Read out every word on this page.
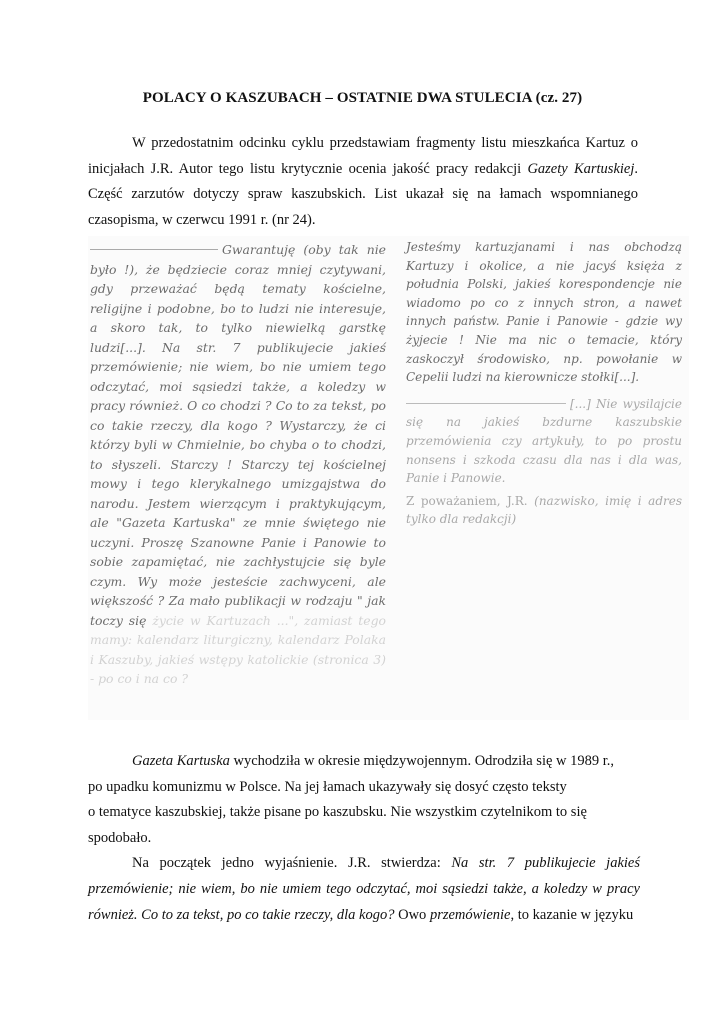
POLACY O KASZUBACH – OSTATNIE DWA STULECIA (cz. 27)

W przedostatnim odcinku cyklu przedstawiam fragmenty listu mieszkańca Kartuz o inicjałach J.R. Autor tego listu krytycznie ocenia jakość pracy redakcji Gazety Kartuskiej. Część zarzutów dotyczy spraw kaszubskich. List ukazał się na łamach wspomnianego czasopisma, w czerwcu 1991 r. (nr 24).

Gwarantuję (oby tak nie było !), że będziecie coraz mniej czytywani, gdy przeważać będą tematy kościelne, religijne i podobne, bo to ludzi nie interesuje, a skoro tak, to tylko niewielką garstkę ludzi[...]. Na str. 7 publikujecie jakieś przemówienie; nie wiem, bo nie umiem tego odczytać, moi sąsiedzi także, a koledzy w pracy również. O co chodzi ? Co to za tekst, po co takie rzeczy, dla kogo ? Wystarczy, że ci którzy byli w Chmielnie, bo chyba o to chodzi, to słyszeli. Starczy ! Starczy tej kościelnej mowy i tego klerykalnego umizgajstwa do narodu. Jestem wierzącym i praktykującym, ale "Gazeta Kartuska" ze mnie świętego nie uczyni. Proszę Szanowne Panie i Panowie to sobie zapamiętać, nie zachłystujcie się byle czym. Wy może jesteście zachwyceni, ale większość ? Za mało publikacji w rodzaju " jak toczy się życie w Kartuzach ...", zamiast tego mamy: kalendarz liturgiczny, kalendarz Polaka i Kaszuby, jakieś wstępy katolickie (stronica 3) - po co i na co ?

Jesteśmy kartuzjanami i nas obchodzą Kartuzy i okolice, a nie jacyś księża z południa Polski, jakieś korespondencje nie wiadomo po co z innych stron, a nawet innych państw. Panie i Panowie - gdzie wy żyjecie ! Nie ma nic o temacie, który zaskoczył środowisko, np. powołanie w Cepelii ludzi na kierownicze stołki[...].

[...] Nie wysilajcie się na jakieś bzdurne kaszubskie przemówienia czy artykuły, to po prostu nonsens i szkoda czasu dla nas i dla was, Panie i Panowie.

Z poważaniem, J.R. (nazwisko, imię i adres tylko dla redakcji)

Gazeta Kartuska wychodziła w okresie międzywojennym. Odrodziła się w 1989 r.,

po upadku komunizmu w Polsce. Na jej łamach ukazywały się dosyć często teksty

o tematyce kaszubskiej, także pisane po kaszubsku. Nie wszystkim czytelnikom to się

spodobało.

Na początek jedno wyjaśnienie. J.R. stwierdza: Na str. 7 publikujecie jakieś przemówienie; nie wiem, bo nie umiem tego odczytać, moi sąsiedzi także, a koledzy w pracy również. Co to za tekst, po co takie rzeczy, dla kogo? Owo przemówienie, to kazanie w języku
